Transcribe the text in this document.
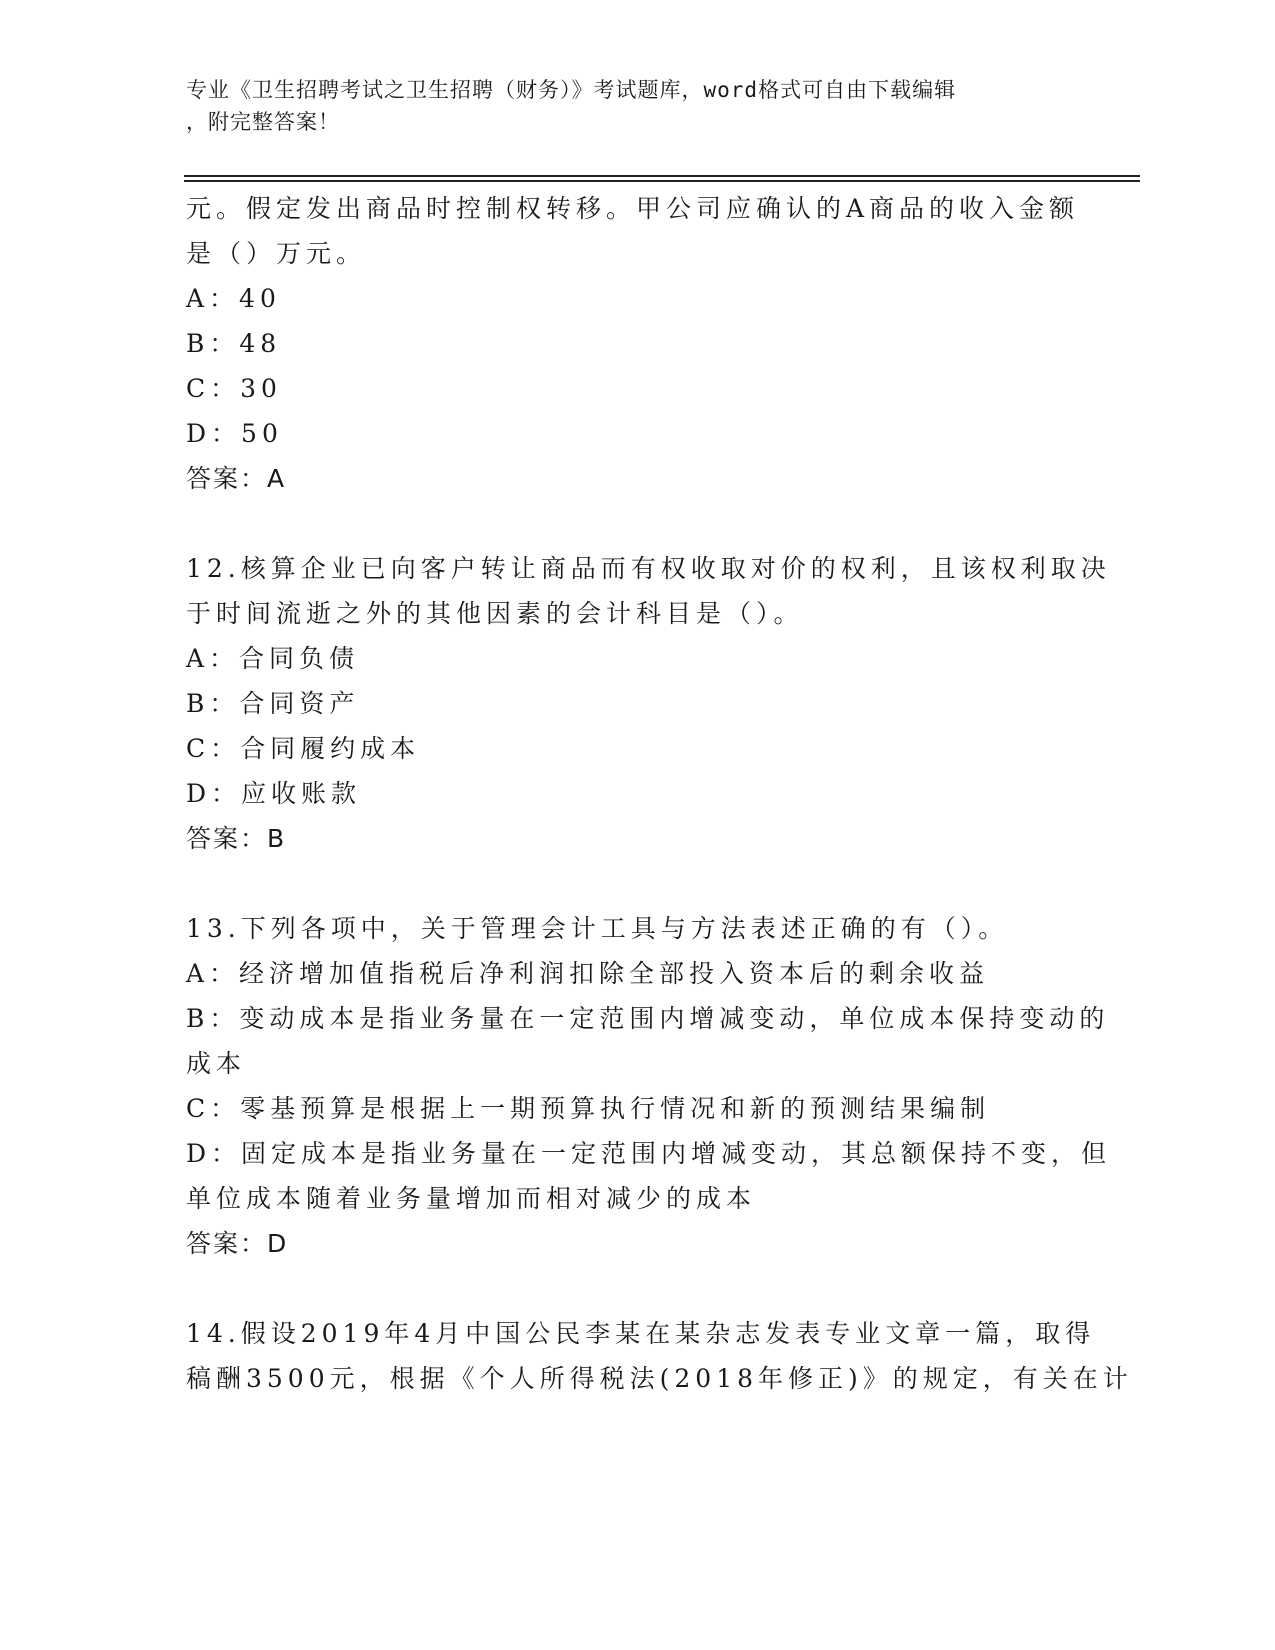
专业《卫生招聘考试之卫生招聘（财务）》考试题库，word格式可自由下载编辑
，附完整答案！
元。假定发出商品时控制权转移。甲公司应确认的A商品的收入金额
是（）万元。
A：40
B：48
C：30
D：50
答案：A
12.核算企业已向客户转让商品而有权收取对价的权利，且该权利取决
于时间流逝之外的其他因素的会计科目是（）。
A：合同负债
B：合同资产
C：合同履约成本
D：应收账款
答案：B
13.下列各项中，关于管理会计工具与方法表述正确的有（）。
A：经济增加值指税后净利润扣除全部投入资本后的剩余收益
B：变动成本是指业务量在一定范围内增减变动，单位成本保持变动的
成本
C：零基预算是根据上一期预算执行情况和新的预测结果编制
D：固定成本是指业务量在一定范围内增减变动，其总额保持不变，但
单位成本随着业务量增加而相对减少的成本
答案：D
14.假设2019年4月中国公民李某在某杂志发表专业文章一篇，取得
稿酬3500元，根据《个人所得税法(2018年修正)》的规定，有关在计
